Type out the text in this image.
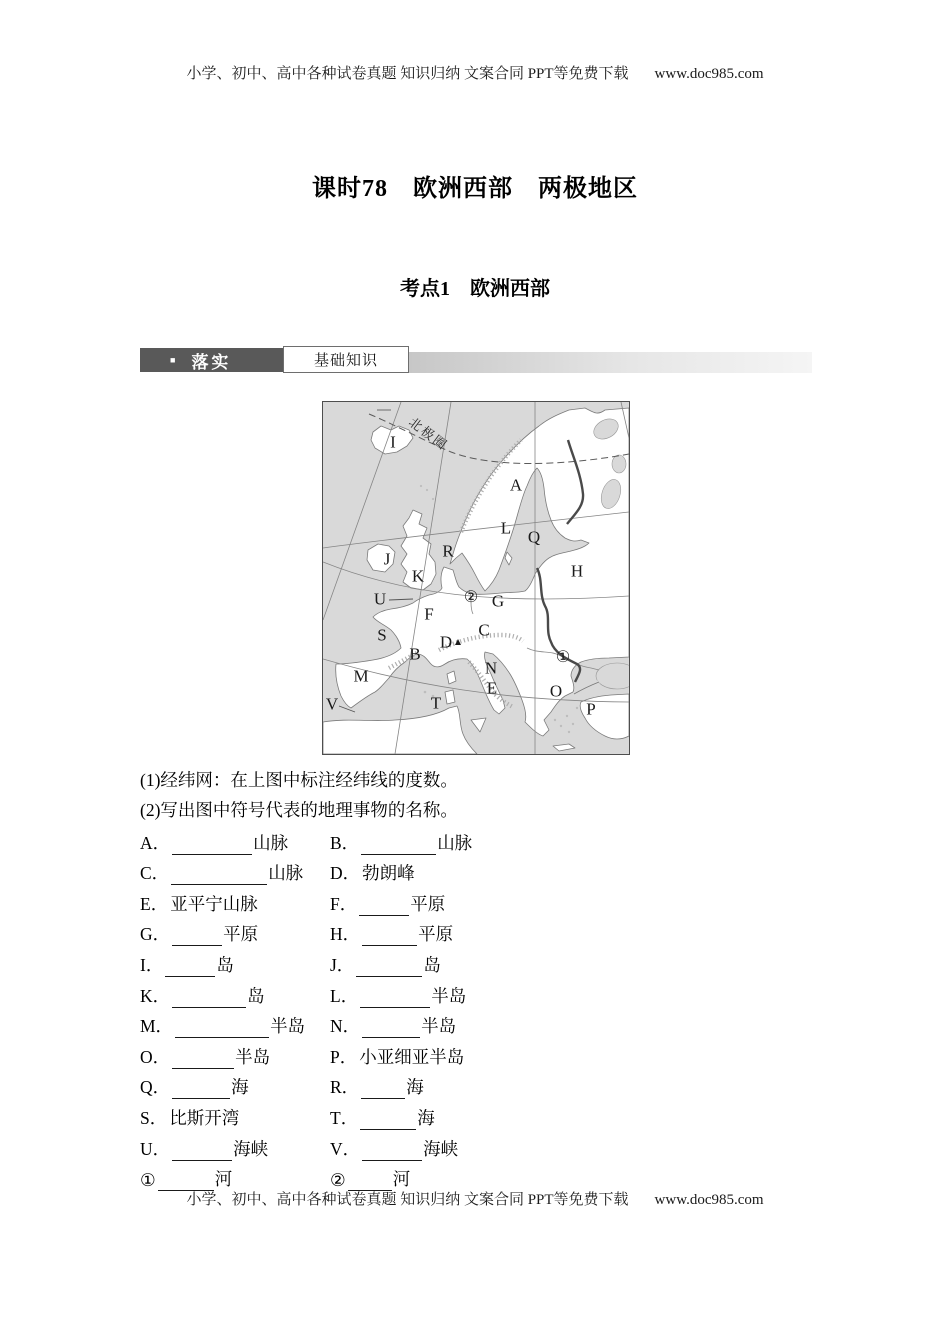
小学、初中、高中各种试卷真题 知识归纳 文案合同 PPT等免费下载 www.doc985.com
课时78　欧洲西部　两极地区
考点1　欧洲西部
■ 落实	基础知识
北极圈
I
A
L Q
R
J
H
K
U	② G
F
C
S	D
B	①
N
M
E	O
T
V	P
(1)经纬网：在上图中标注经纬线的度数。
(2)写出图中符号代表的地理事物的名称。
A．	山脉 B．	山脉
C．	山脉 D． 勃朗峰
E． 亚平宁山脉	F．	平原
G．	平原	H．	平原
I．	岛	J．	岛
K．	岛	L．	半岛
M．	半岛 N．	半岛
O．	半岛	P． 小亚细亚半岛
Q．	海	R．	海
S． 比斯开湾	T．	海
U．	海峡	V．	海峡
①	河	②	河
小学、初中、高中各种试卷真题 知识归纳 文案合同 PPT等免费下载 www.doc985.com
